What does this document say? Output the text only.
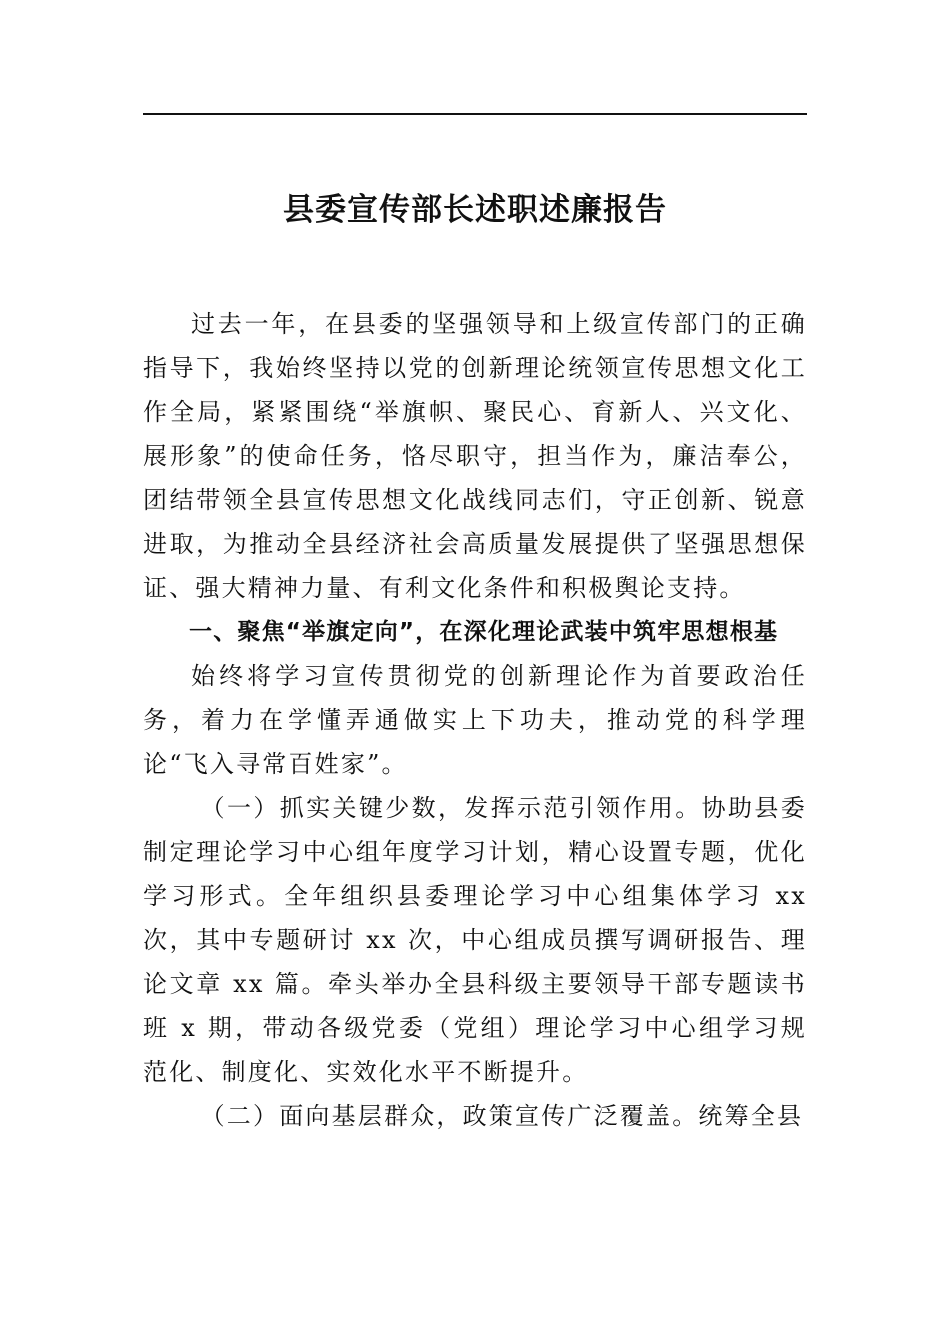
县委宣传部长述职述廉报告

过去一年，在县委的坚强领导和上级宣传部门的正确指导下，我始终坚持以党的创新理论统领宣传思想文化工作全局，紧紧围绕“举旗帜、聚民心、育新人、兴文化、展形象”的使命任务，恪尽职守，担当作为，廉洁奉公，团结带领全县宣传思想文化战线同志们，守正创新、锐意进取，为推动全县经济社会高质量发展提供了坚强思想保证、强大精神力量、有利文化条件和积极舆论支持。

一、聚焦“举旗定向”，在深化理论武装中筑牢思想根基

始终将学习宣传贯彻党的创新理论作为首要政治任务，着力在学懂弄通做实上下功夫，推动党的科学理论“飞入寻常百姓家”。

（一）抓实关键少数，发挥示范引领作用。协助县委制定理论学习中心组年度学习计划，精心设置专题，优化学习形式。全年组织县委理论学习中心组集体学习 xx 次，其中专题研讨 xx 次，中心组成员撰写调研报告、理论文章 xx 篇。牵头举办全县科级主要领导干部专题读书班 x 期，带动各级党委（党组）理论学习中心组学习规范化、制度化、实效化水平不断提升。

（二）面向基层群众，政策宣传广泛覆盖。统筹全县
